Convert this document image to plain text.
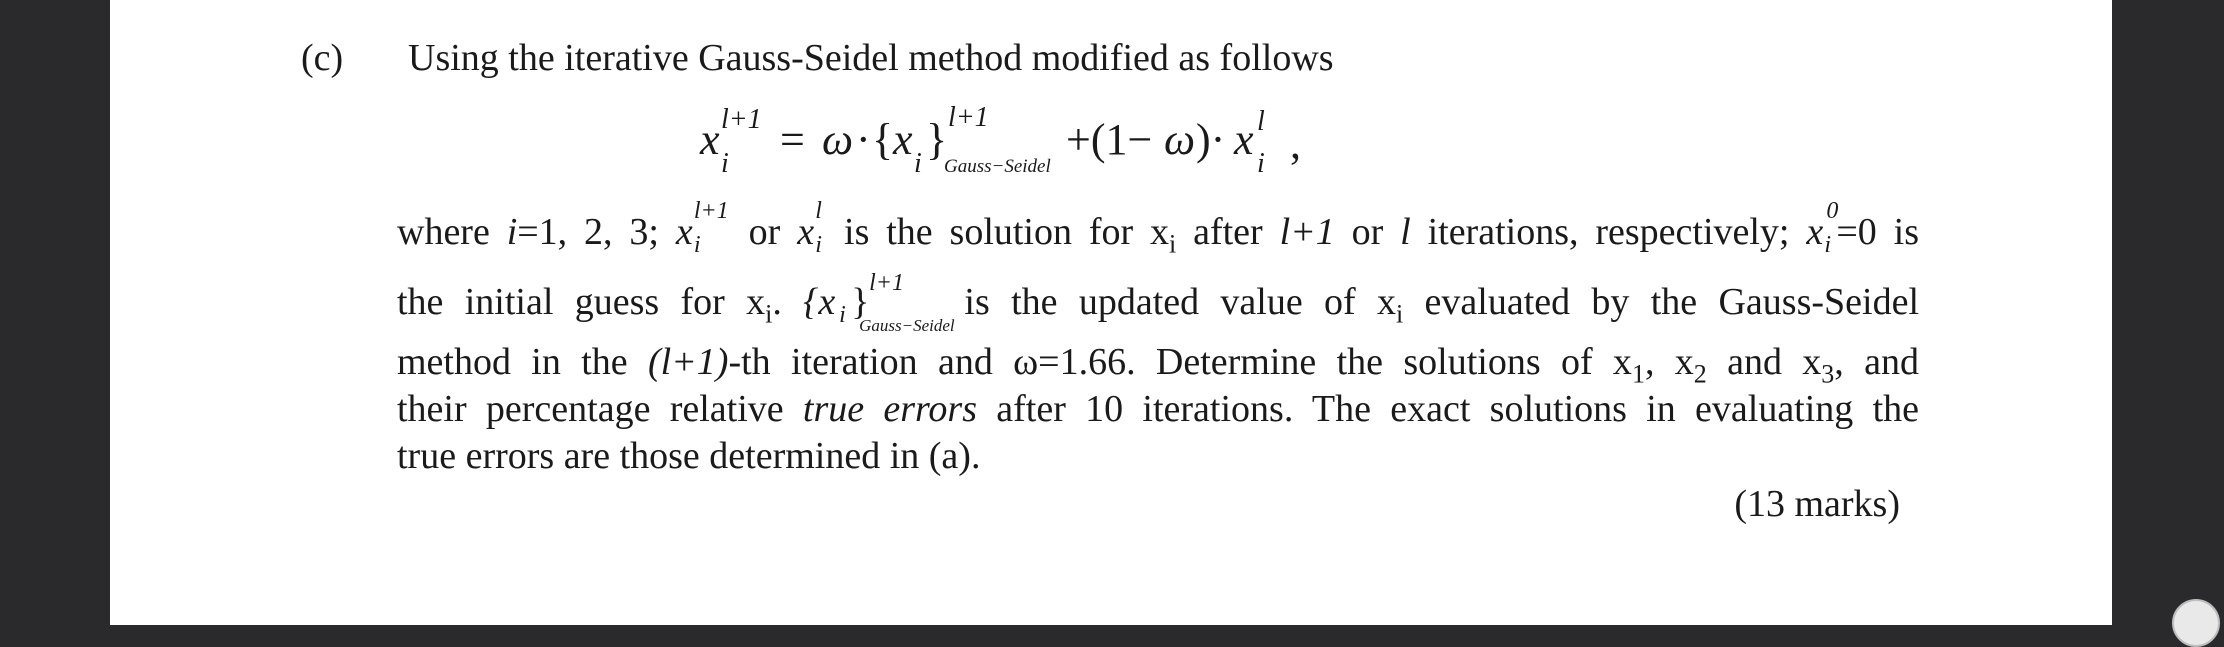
(c) Using the iterative Gauss-Seidel method modified as follows
x l+1
i = ω · { x i } l+1
Gauss−Seidel
+(1− ω )· x l
i ,
where i=1, 2, 3; x l+1
i or x l
i is the solution for $x_i$ after l+1 or l iterations, respectively; x 0
i =0 is
the initial guess for $x_i$. {x i } l+1
Gauss−Seidel
is the updated value of $x_i$ evaluated by the Gauss-Seidel
method in the (l+1)-th iteration and ω=1.66. Determine the solutions of $x_1$, $x_2$ and $x_3$, and
their percentage relative true errors after 10 iterations. The exact solutions in evaluating the
true errors are those determined in (a).
(13 marks)
